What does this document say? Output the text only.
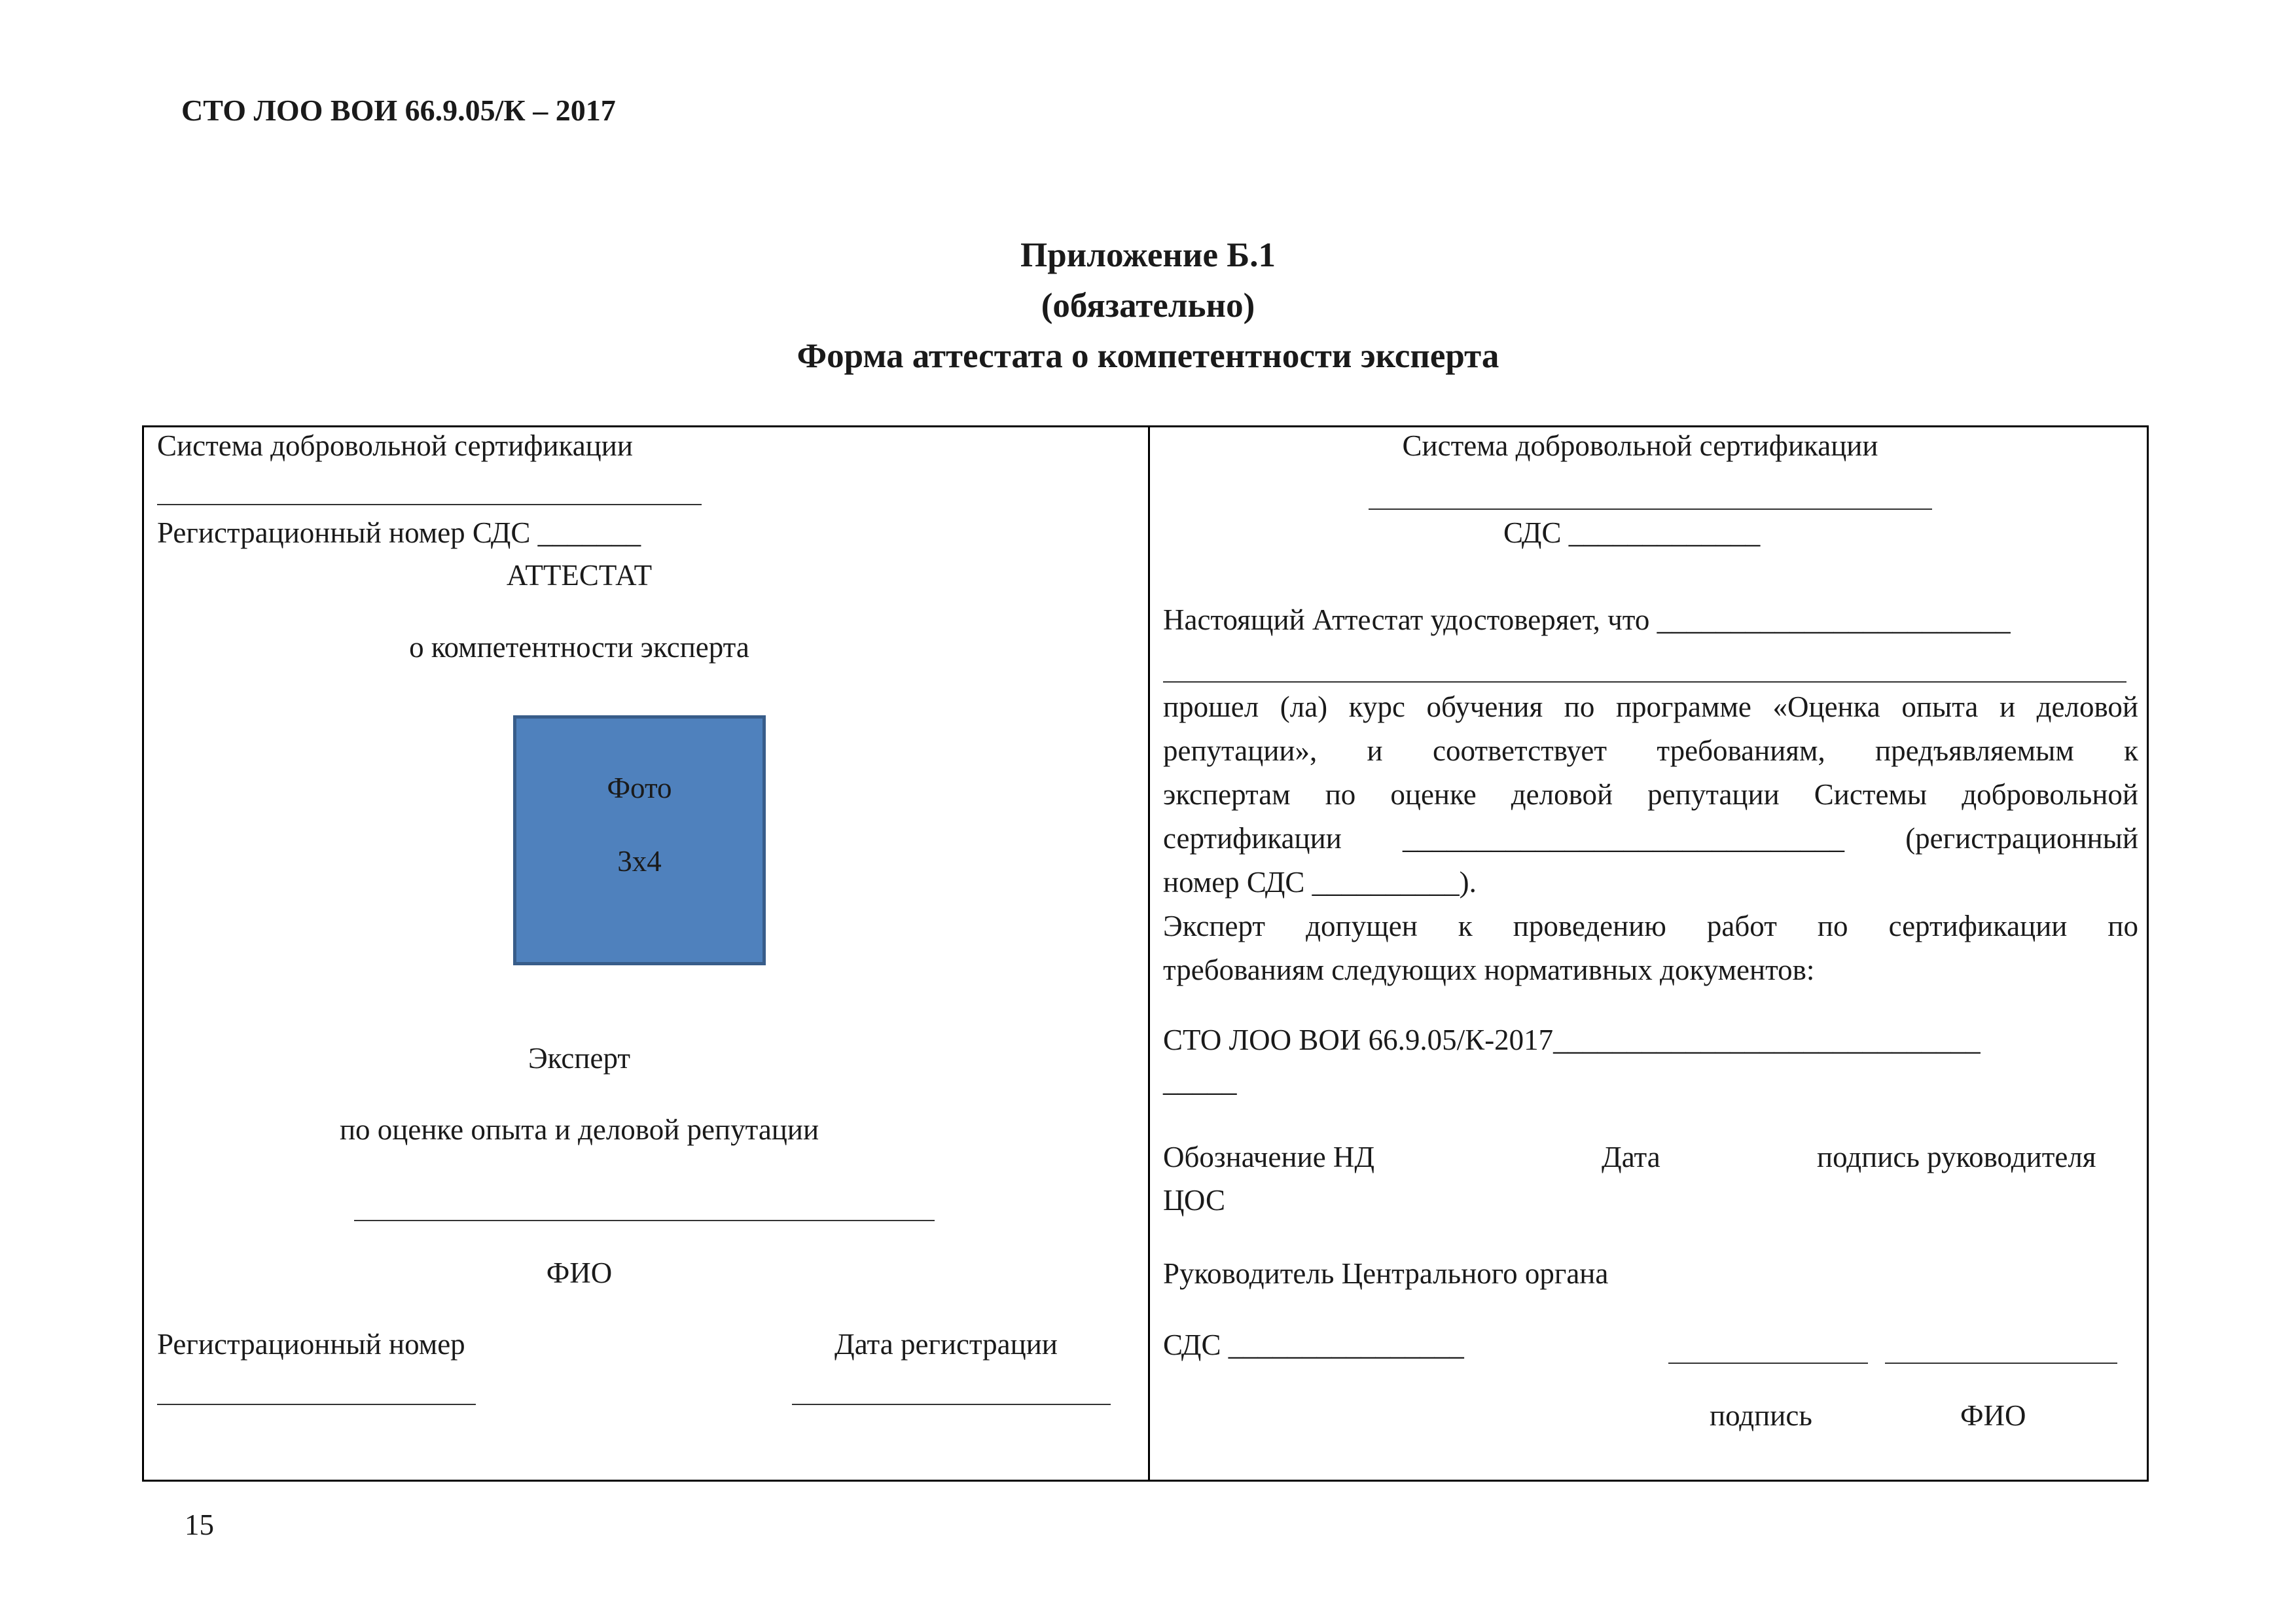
СТО ЛОО ВОИ 66.9.05/К – 2017
Приложение Б.1
(обязательно)
Форма аттестата о компетентности эксперта
Система добровольной сертификации
Регистрационный номер СДС _______
АТТЕСТАТ
о компетентности эксперта
Фото
3х4
Эксперт
по оценке опыта и деловой репутации
ФИО
Регистрационный номер	Дата регистрации
Система добровольной сертификации
СДС _____________
Настоящий Аттестат удостоверяет, что ________________________
прошел (ла) курс обучения по программе «Оценка опыта и деловой
репутации», и соответствует требованиям, предъявляемым к
экспертам по оценке деловой репутации Системы добровольной
сертификации ______________________________ (регистрационный
номер СДС __________).
Эксперт допущен к проведению работ по сертификации по
требованиям следующих нормативных документов:
СТО ЛОО ВОИ 66.9.05/К-2017_____________________________
_____
Обозначение НД	Дата	подпись руководителя
ЦОС
Руководитель Центрального органа
СДС ________________
подпись	ФИО
15
